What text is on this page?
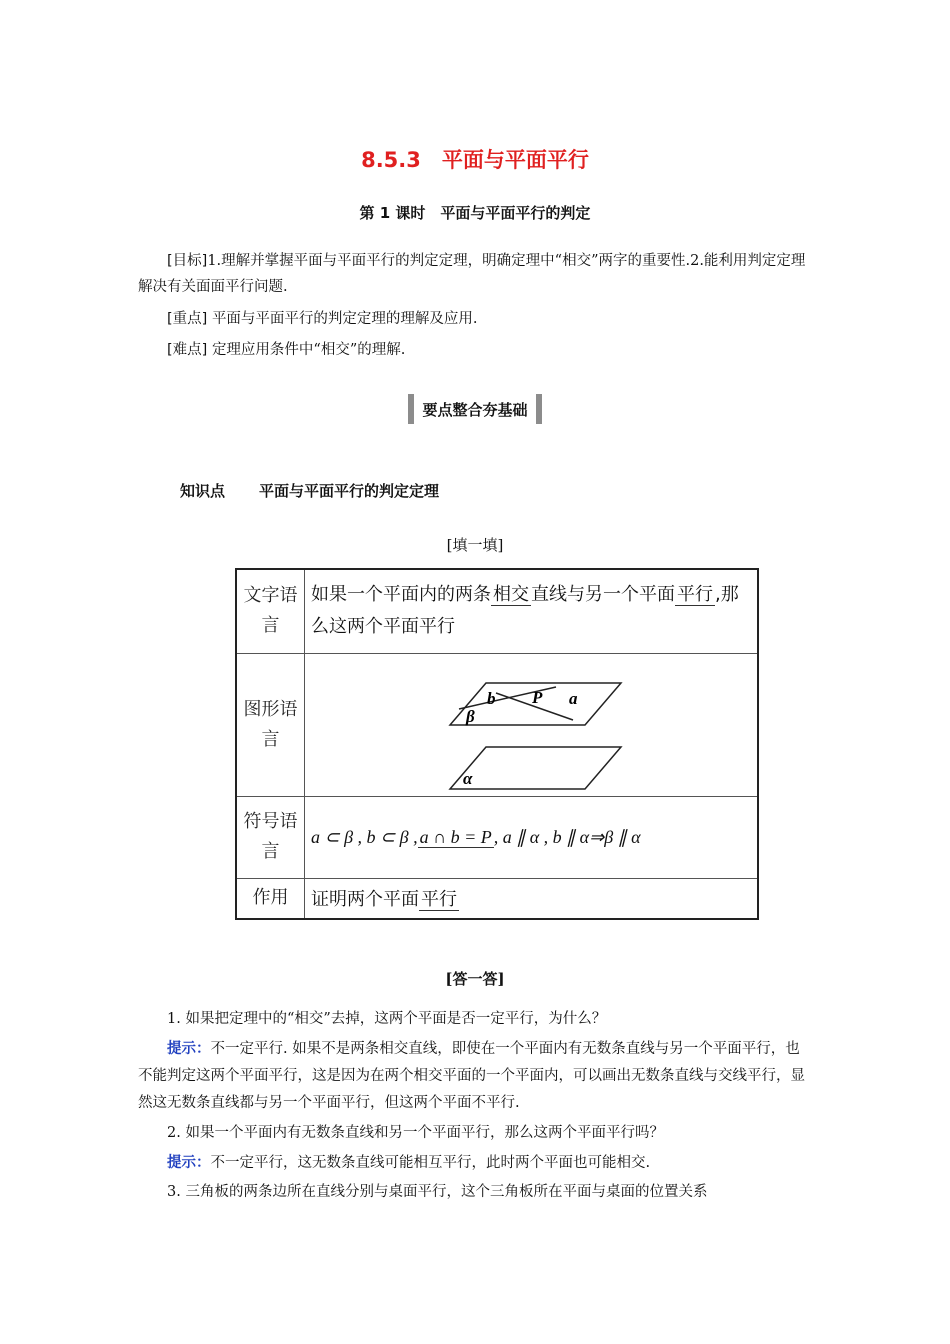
8.5.3　平面与平面平行
第 1 课时　平面与平面平行的判定
  [目标]1.理解并掌握平面与平面平行的判定定理，明确定理中“相交”两字的重要性.2.能利用判定定理解决有关面面平行问题.
  [重点] 平面与平面平行的判定定理的理解及应用.
  [难点] 定理应用条件中“相交”的理解.
要点整合夯基础
知识点 平面与平面平行的判定定理
[填一填]
文字语言	如果一个平面内的两条 相交 直线与另一个平面 平行 ,那么这两个平面平行
图形语言	b P a
β
α

符号语言	a ⊂ β , b ⊂ β , a ∩ b = P , a ∥ α , b ∥ α⇒β ∥ α
作用	证明两个平面 平行
[答一答]
  1. 如果把定理中的“相交”去掉，这两个平面是否一定平行，为什么？
  提示：不一定平行. 如果不是两条相交直线，即使在一个平面内有无数条直线与另一个平面平行，也不能判定这两个平面平行，这是因为在两个相交平面的一个平面内，可以画出无数条直线与交线平行，显然这无数条直线都与另一个平面平行，但这两个平面不平行.
  2. 如果一个平面内有无数条直线和另一个平面平行，那么这两个平面平行吗？
  提示：不一定平行，这无数条直线可能相互平行，此时两个平面也可能相交.
  3. 三角板的两条边所在直线分别与桌面平行，这个三角板所在平面与桌面的位置关系
